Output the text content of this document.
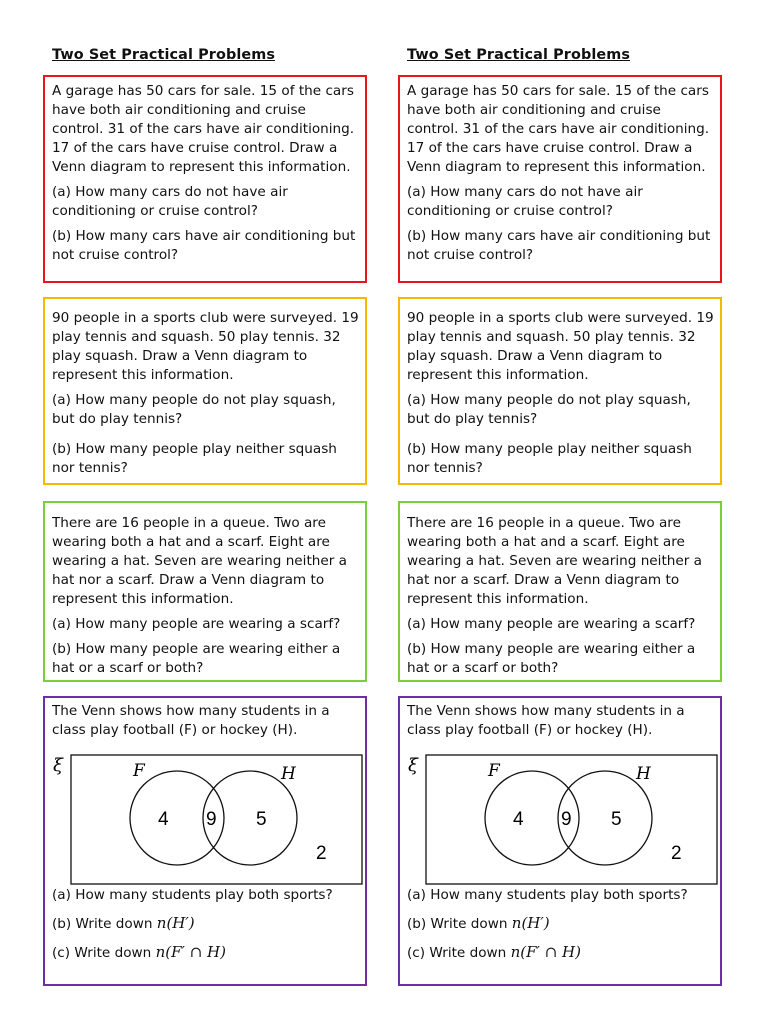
Two Set Practical Problems

A garage has 50 cars for sale. 15 of the cars have both air conditioning and cruise control. 31 of the cars have air conditioning. 17 of the cars have cruise control. Draw a Venn diagram to represent this information.

(a) How many cars do not have air conditioning or cruise control?

(b) How many cars have air conditioning but not cruise control?

90 people in a sports club were surveyed. 19 play tennis and squash. 50 play tennis. 32 play squash. Draw a Venn diagram to represent this information.

(a) How many people do not play squash, but do play tennis?

(b) How many people play neither squash nor tennis?

There are 16 people in a queue. Two are wearing both a hat and a scarf. Eight are wearing a hat. Seven are wearing neither a hat nor a scarf. Draw a Venn diagram to represent this information.

(a) How many people are wearing a scarf?

(b) How many people are wearing either a hat or a scarf or both?

The Venn shows how many students in a class play football (F) or hockey (H).

ξ	F	H
4 9 5
2

(a) How many students play both sports?

(b) Write down n(H′)

(c) Write down n(F′ ∩ H)

Two Set Practical Problems

A garage has 50 cars for sale. 15 of the cars have both air conditioning and cruise control. 31 of the cars have air conditioning. 17 of the cars have cruise control. Draw a Venn diagram to represent this information.

(a) How many cars do not have air conditioning or cruise control?

(b) How many cars have air conditioning but not cruise control?

90 people in a sports club were surveyed. 19 play tennis and squash. 50 play tennis. 32 play squash. Draw a Venn diagram to represent this information.

(a) How many people do not play squash, but do play tennis?

(b) How many people play neither squash nor tennis?

There are 16 people in a queue. Two are wearing both a hat and a scarf. Eight are wearing a hat. Seven are wearing neither a hat nor a scarf. Draw a Venn diagram to represent this information.

(a) How many people are wearing a scarf?

(b) How many people are wearing either a hat or a scarf or both?

The Venn shows how many students in a class play football (F) or hockey (H).

ξ	F	H
4 9 5
2

(a) How many students play both sports?

(b) Write down n(H′)

(c) Write down n(F′ ∩ H)
